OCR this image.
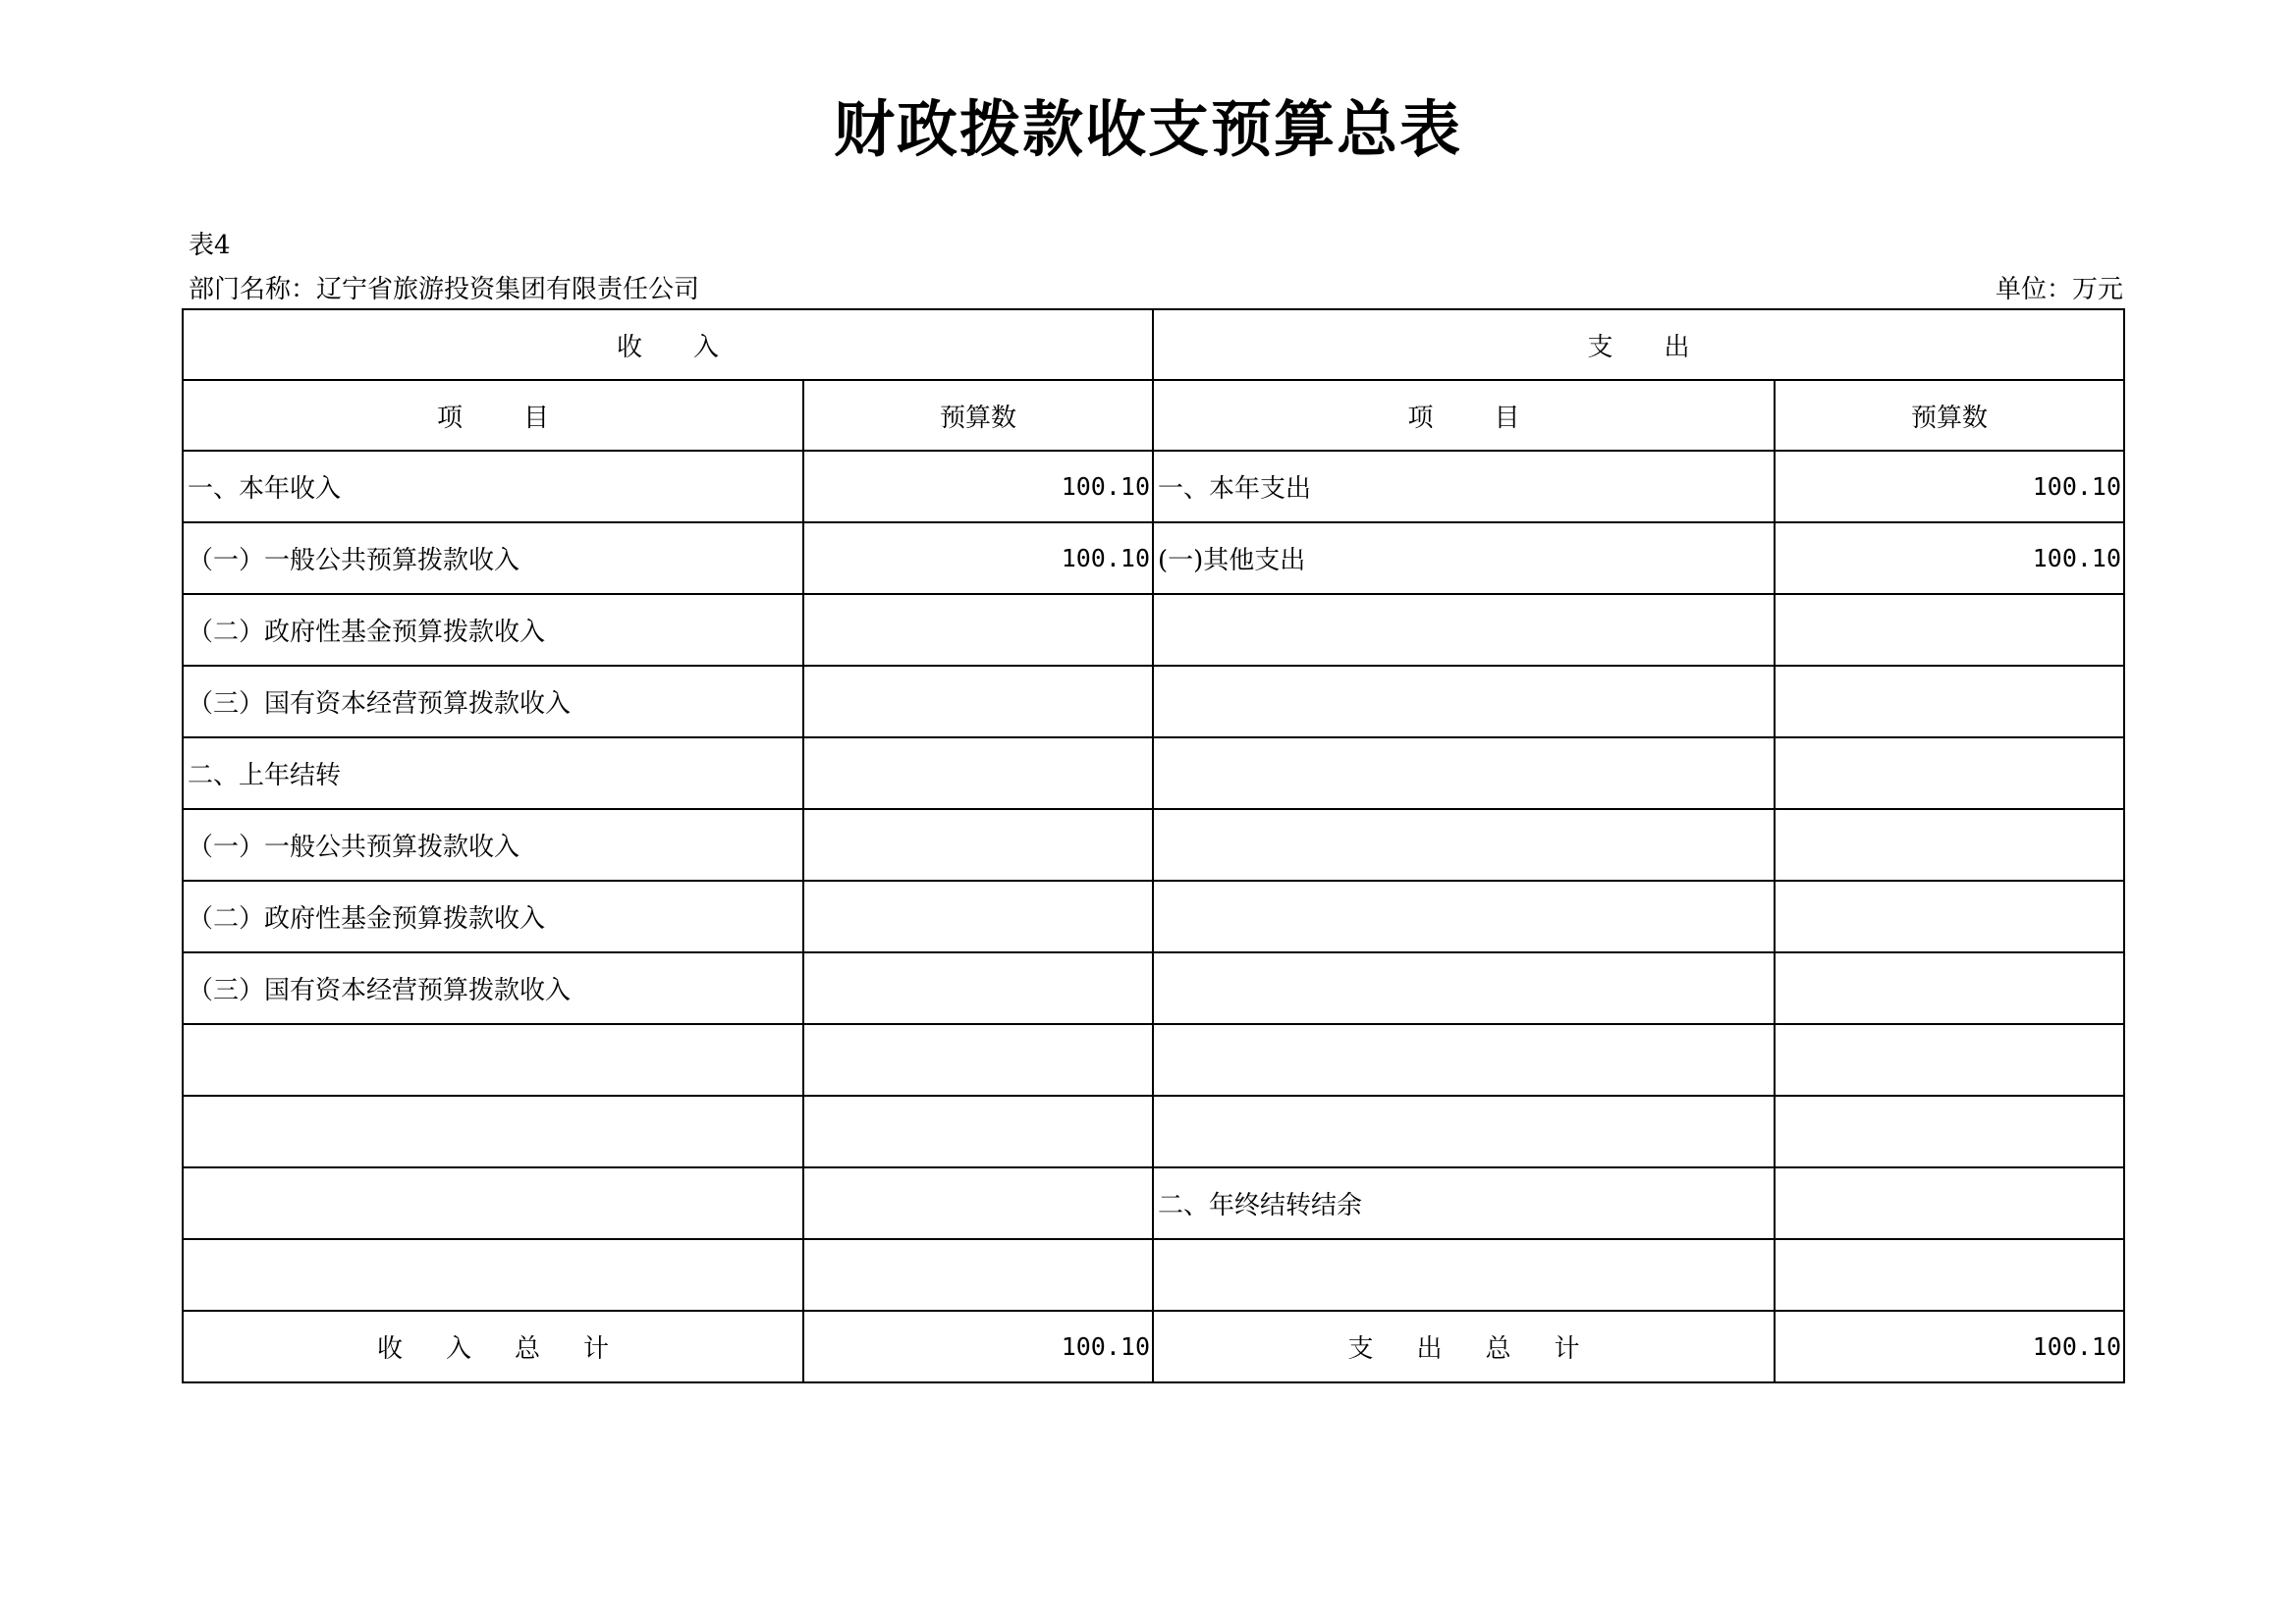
财政拨款收支预算总表
表4
部门名称：辽宁省旅游投资集团有限责任公司	单位：万元
收入		支出	
项目	预算数	项目	预算数
一、本年收入	100.10	一、本年支出	100.10
（一）一般公共预算拨款收入	100.10	(一)其他支出	100.10
（二）政府性基金预算拨款收入			
（三）国有资本经营预算拨款收入			
二、上年结转			
（一）一般公共预算拨款收入			
（二）政府性基金预算拨款收入			
（三）国有资本经营预算拨款收入			

		二、年终结转结余	

收入总计	100.10	支出总计	100.10
